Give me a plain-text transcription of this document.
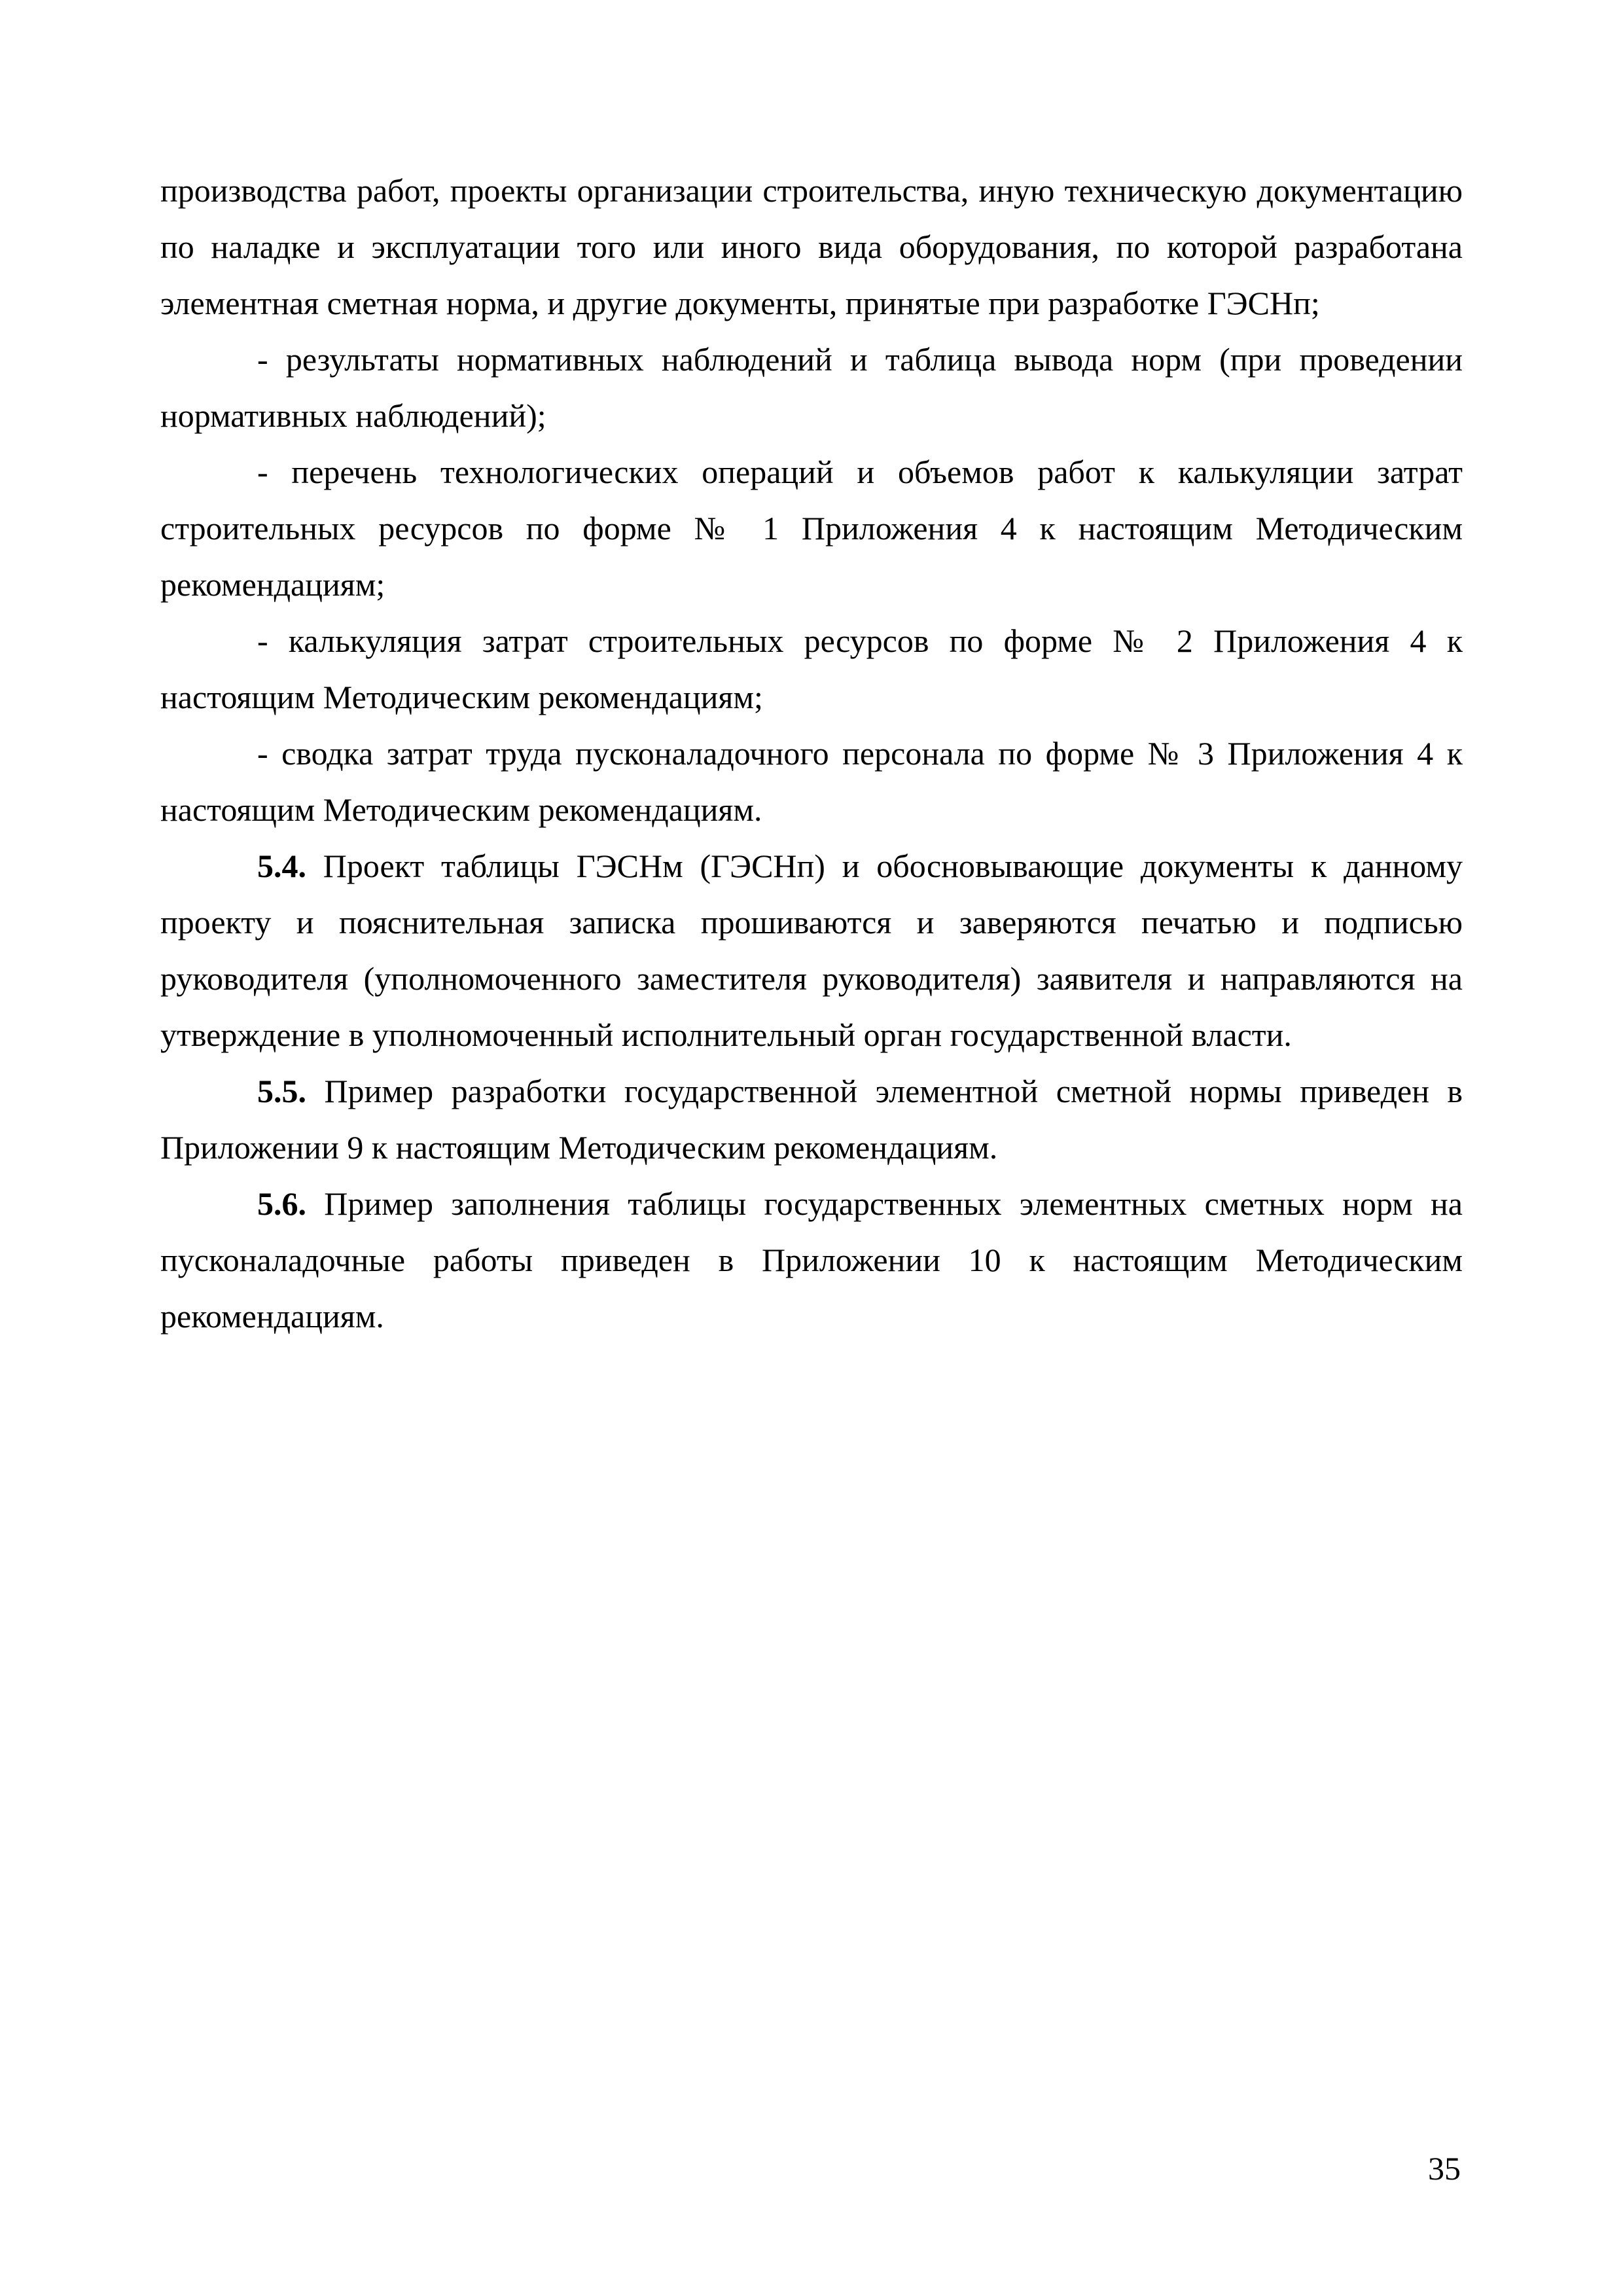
производства работ, проекты организации строительства, иную техническую документацию по наладке и эксплуатации того или иного вида оборудования, по которой разработана элементная сметная норма, и другие документы, принятые при разработке ГЭСНп;

- результаты нормативных наблюдений и таблица вывода норм (при проведении нормативных наблюдений);

- перечень технологических операций и объемов работ к калькуляции затрат строительных ресурсов по форме № 1 Приложения 4 к настоящим Методическим рекомендациям;

- калькуляция затрат строительных ресурсов по форме № 2 Приложения 4 к настоящим Методическим рекомендациям;

- сводка затрат труда пусконаладочного персонала по форме № 3 Приложения 4 к настоящим Методическим рекомендациям.

5.4. Проект таблицы ГЭСНм (ГЭСНп) и обосновывающие документы к данному проекту и пояснительная записка прошиваются и заверяются печатью и подписью руководителя (уполномоченного заместителя руководителя) заявителя и направляются на утверждение в уполномоченный исполнительный орган государственной власти.

5.5. Пример разработки государственной элементной сметной нормы приведен в Приложении 9 к настоящим Методическим рекомендациям.

5.6. Пример заполнения таблицы государственных элементных сметных норм на пусконаладочные работы приведен в Приложении 10 к настоящим Методическим рекомендациям.

35
